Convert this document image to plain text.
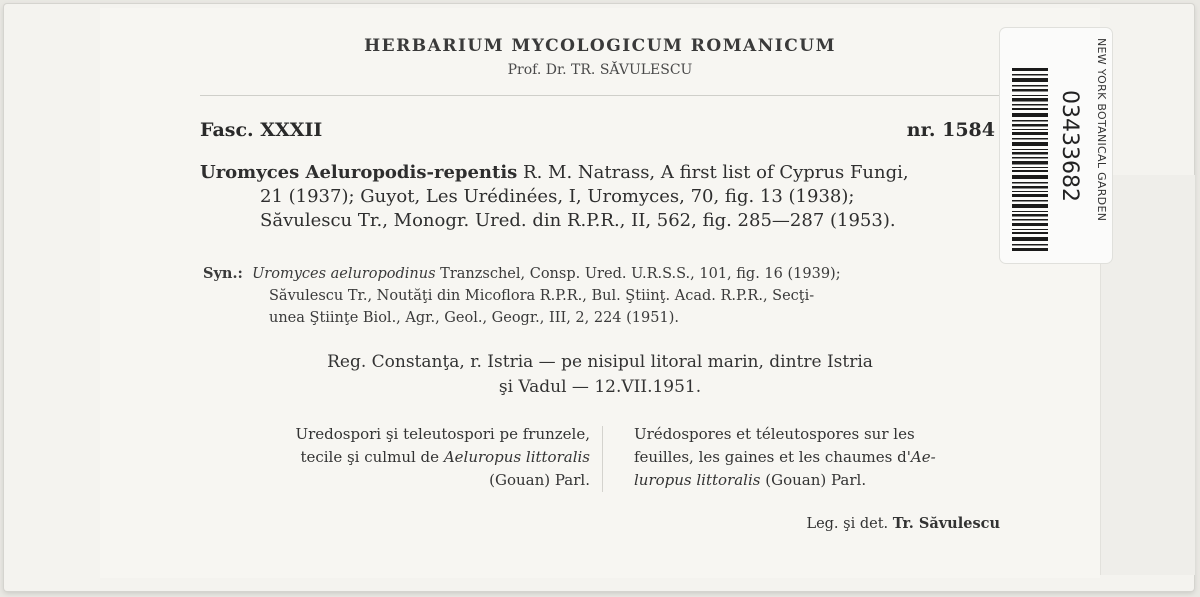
HERBARIUM MYCOLOGICUM ROMANICUM
Prof. Dr. TR. SĂVULESCU
Fasc. XXXII	nr. 1584
Uromyces Aeluropodis-repentis R. M. Natrass, A first list of Cyprus Fungi,
21 (1937); Guyot, Les Urédinées, I, Uromyces, 70, fig. 13 (1938);
Săvulescu Tr., Monogr. Ured. din R.P.R., II, 562, fig. 285—287 (1953).
Syn.: Uromyces aeluropodinus Tranzschel, Consp. Ured. U.R.S.S., 101, fig. 16 (1939);
Săvulescu Tr., Noutăţi din Micoflora R.P.R., Bul. Ştiinţ. Acad. R.P.R., Secţi-
unea Ştiinţe Biol., Agr., Geol., Geogr., III, 2, 224 (1951).
Reg. Constanţa, r. Istria — pe nisipul litoral marin, dintre Istria
şi Vadul — 12.VII.1951.
Uredospori şi teleutospori pe frunzele,
tecile şi culmul de Aeluropus littoralis
(Gouan) Parl.
Urédospores et téleutospores sur les
feuilles, les gaines et les chaumes d'Ae-
luropus littoralis (Gouan) Parl.
Leg. şi det. Tr. Săvulescu
NEW YORK BOTANICAL GARDEN
03433682
